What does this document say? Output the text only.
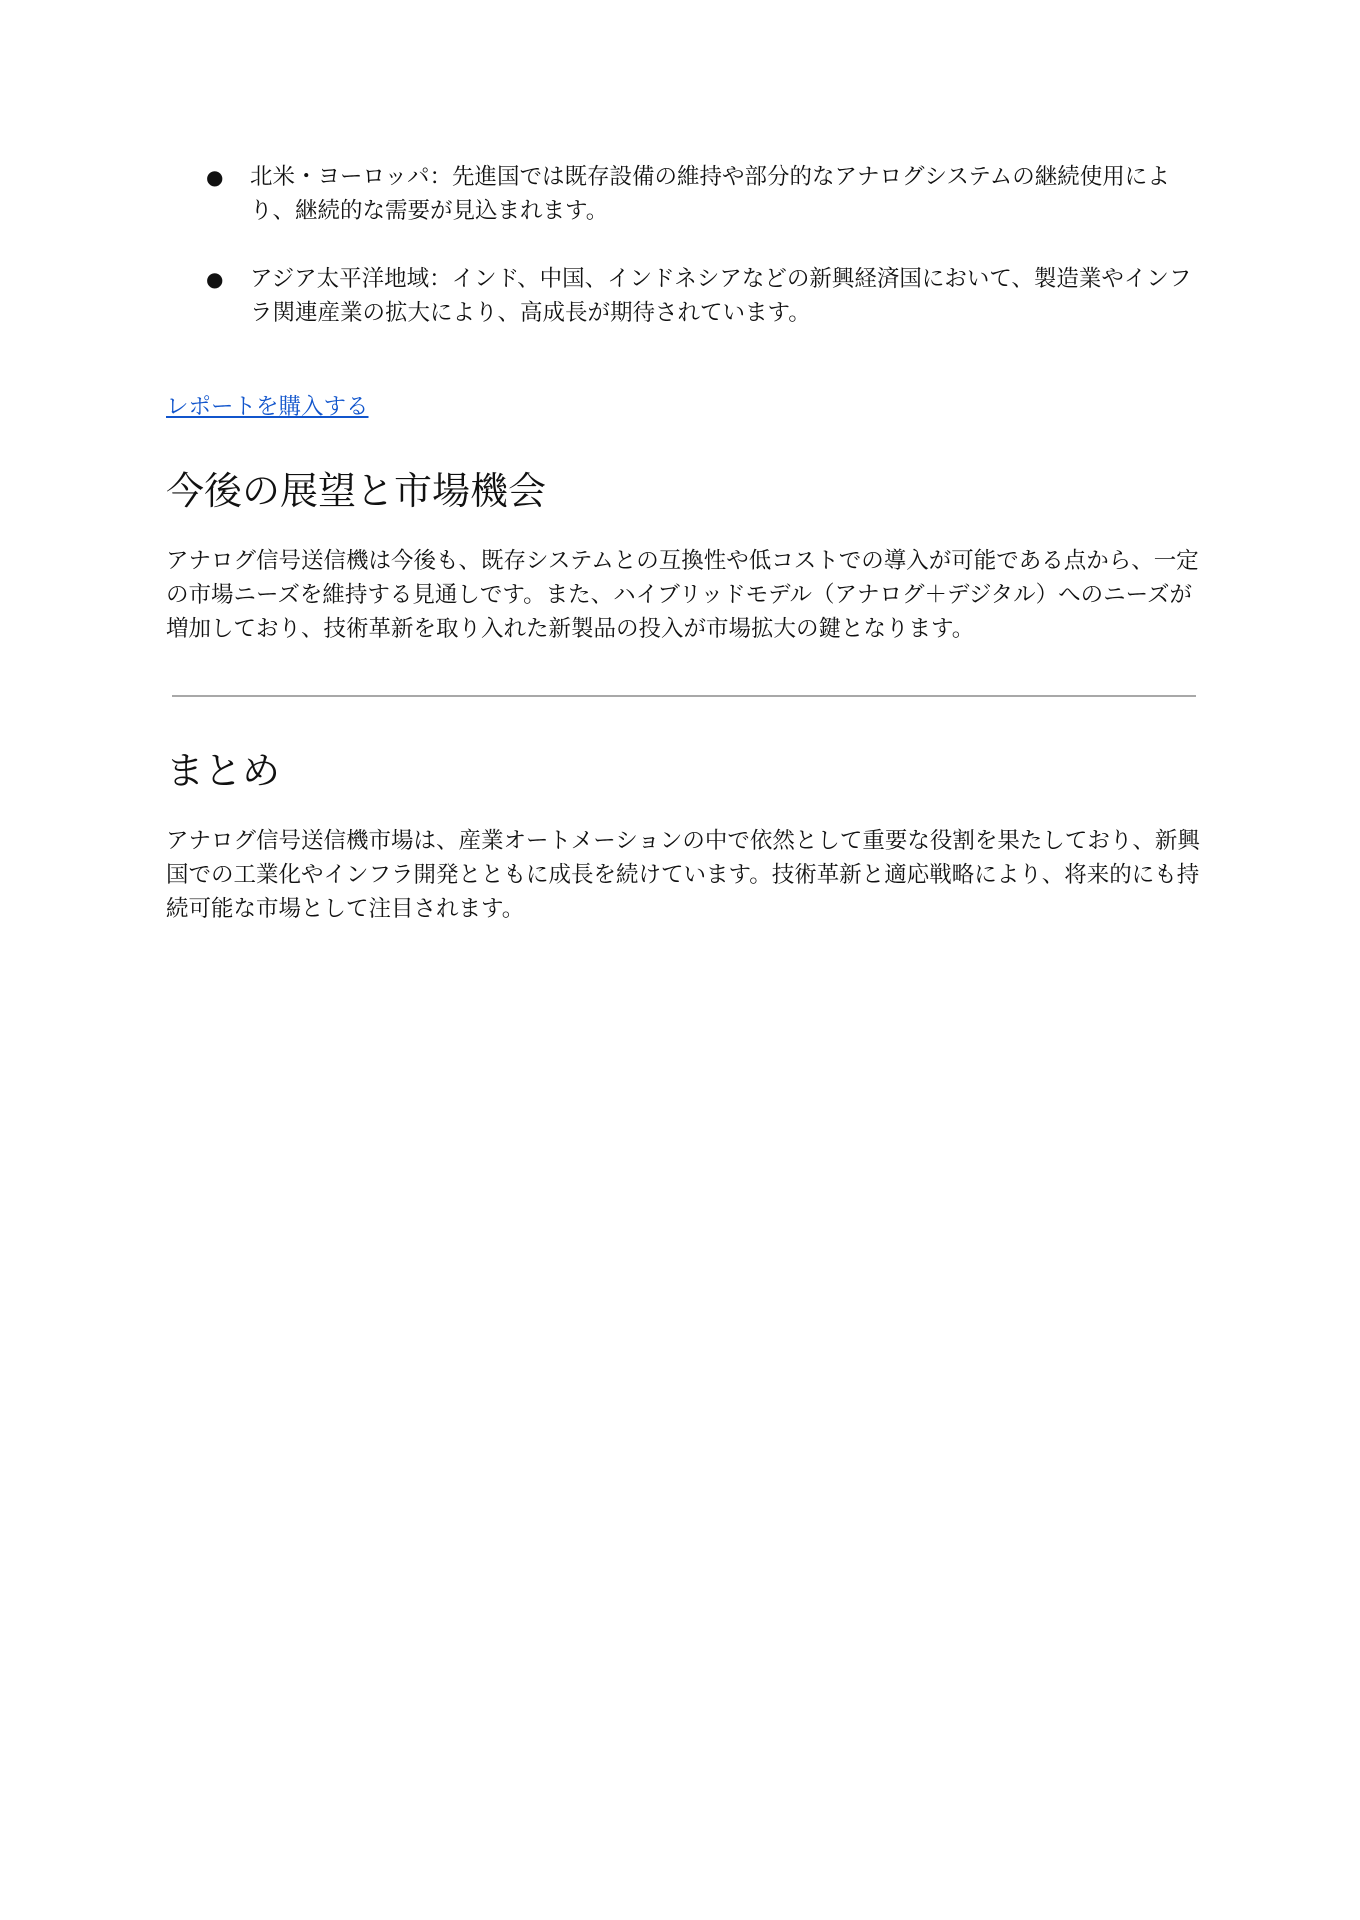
● 北米・ヨーロッパ：先進国では既存設備の維持や部分的なアナログシステムの継続使用により、継続的な需要が見込まれます。
● アジア太平洋地域：インド、中国、インドネシアなどの新興経済国において、製造業やインフラ関連産業の拡大により、高成長が期待されています。
レポートを購入する
今後の展望と市場機会

アナログ信号送信機は今後も、既存システムとの互換性や低コストでの導入が可能である点から、一定の市場ニーズを維持する見通しです。また、ハイブリッドモデル（アナログ＋デジタル）へのニーズが増加しており、技術革新を取り入れた新製品の投入が市場拡大の鍵となります。

まとめ

アナログ信号送信機市場は、産業オートメーションの中で依然として重要な役割を果たしており、新興国での工業化やインフラ開発とともに成長を続けています。技術革新と適応戦略により、将来的にも持続可能な市場として注目されます。
